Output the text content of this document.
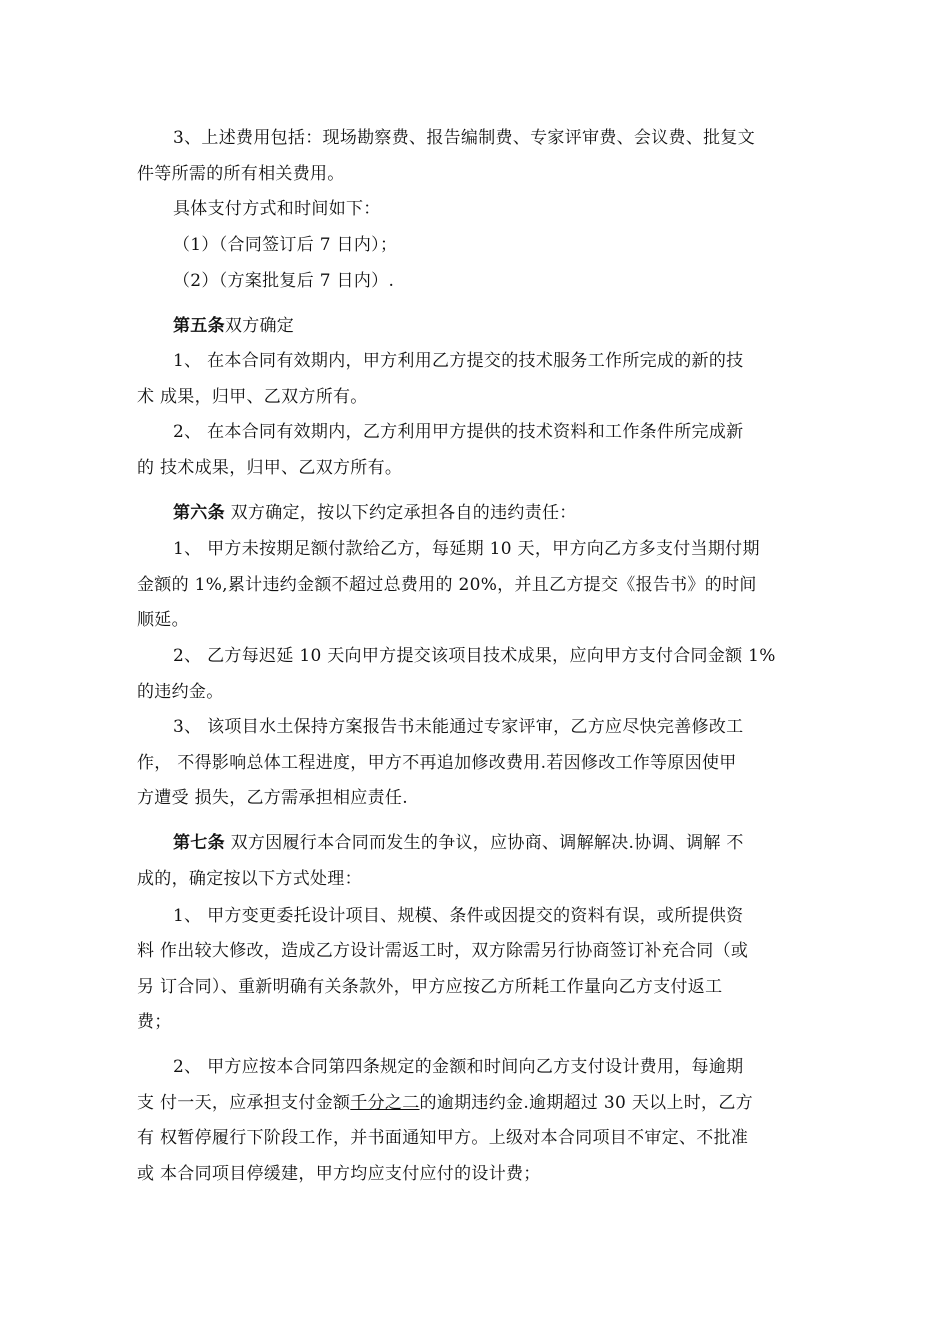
3、上述费用包括：现场勘察费、报告编制费、专家评审费、会议费、批复文
件等所需的所有相关费用。
具体支付方式和时间如下：
（1）（合同签订后 7 日内）；
（2）（方案批复后 7 日内）.
第五条双方确定
1、 在本合同有效期内，甲方利用乙方提交的技术服务工作所完成的新的技
术 成果，归甲、乙双方所有。
2、 在本合同有效期内，乙方利用甲方提供的技术资料和工作条件所完成新
的 技术成果，归甲、乙双方所有。
第六条 双方确定，按以下约定承担各自的违约责任：
1、 甲方未按期足额付款给乙方，每延期 10 天，甲方向乙方多支付当期付期
金额的 1%,累计违约金额不超过总费用的 20%，并且乙方提交《报告书》的时间
顺延。
2、 乙方每迟延 10 天向甲方提交该项目技术成果，应向甲方支付合同金额 1%
的违约金。
3、 该项目水土保持方案报告书未能通过专家评审，乙方应尽快完善修改工
作， 不得影响总体工程进度，甲方不再追加修改费用.若因修改工作等原因使甲
方遭受 损失，乙方需承担相应责任.
第七条 双方因履行本合同而发生的争议，应协商、调解解决.协调、调解 不
成的，确定按以下方式处理：
1、 甲方变更委托设计项目、规模、条件或因提交的资料有误，或所提供资
料 作出较大修改，造成乙方设计需返工时，双方除需另行协商签订补充合同（或
另 订合同）、重新明确有关条款外，甲方应按乙方所耗工作量向乙方支付返工
费；
2、 甲方应按本合同第四条规定的金额和时间向乙方支付设计费用，每逾期
支 付一天，应承担支付金额千分之二的逾期违约金.逾期超过 30 天以上时，乙方
有 权暂停履行下阶段工作，并书面通知甲方。上级对本合同项目不审定、不批准
或 本合同项目停缓建，甲方均应支付应付的设计费；
